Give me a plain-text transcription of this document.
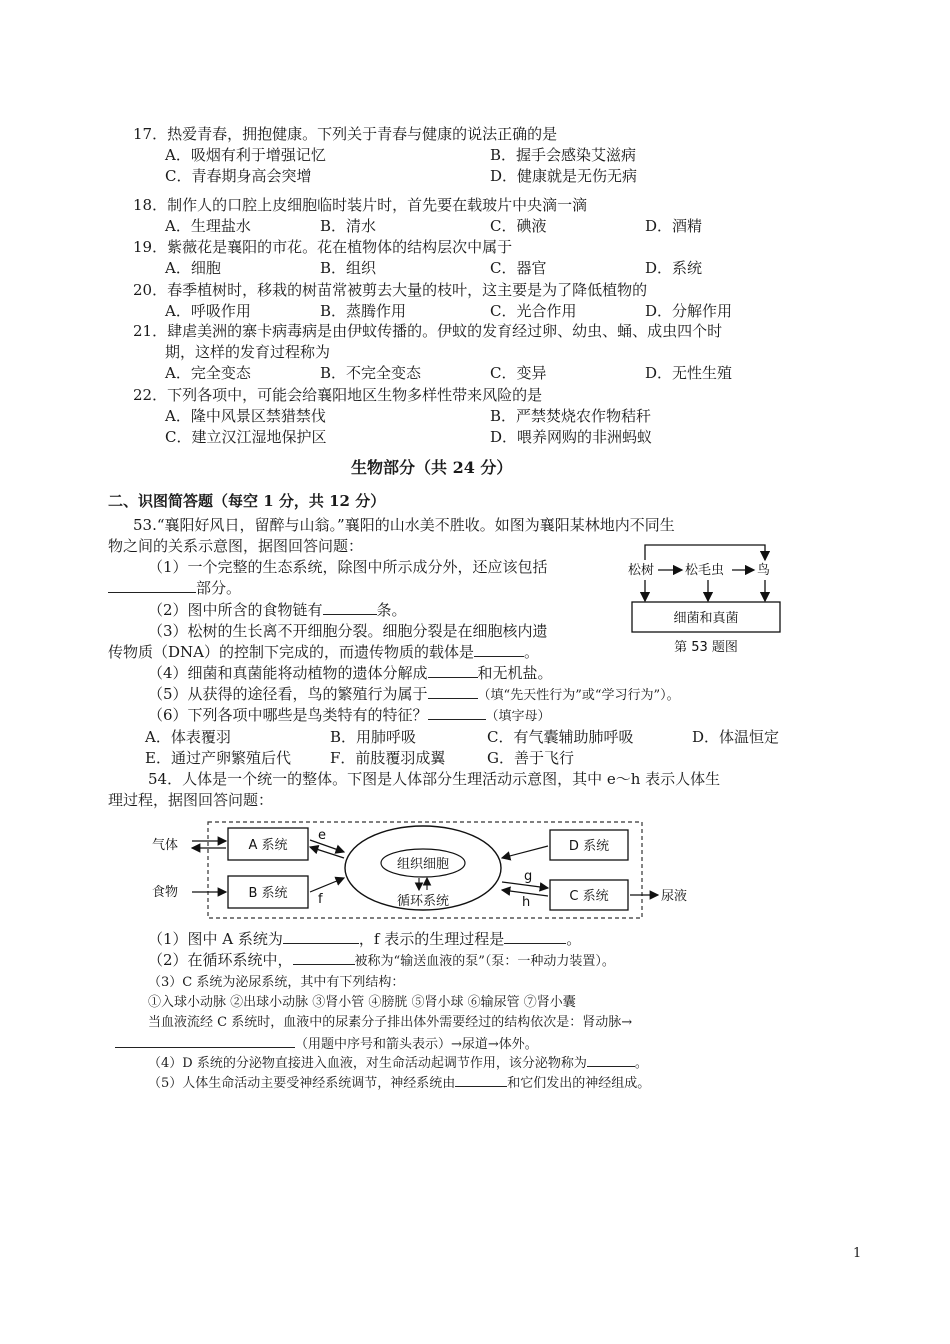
17．热爱青春，拥抱健康。下列关于青春与健康的说法正确的是
A．吸烟有利于增强记忆	B．握手会感染艾滋病
C．青春期身高会突增	D．健康就是无伤无病
18．制作人的口腔上皮细胞临时装片时，首先要在载玻片中央滴一滴
A．生理盐水	B．清水	C．碘液	D．酒精
19．紫薇花是襄阳的市花。花在植物体的结构层次中属于
A．细胞	B．组织	C．器官	D．系统
20．春季植树时，移栽的树苗常被剪去大量的枝叶，这主要是为了降低植物的
A．呼吸作用	B．蒸腾作用	C．光合作用	D．分解作用
21．肆虐美洲的寨卡病毒病是由伊蚊传播的。伊蚊的发育经过卵、幼虫、蛹、成虫四个时
期，这样的发育过程称为
A．完全变态	B．不完全变态	C．变异	D．无性生殖
22．下列各项中，可能会给襄阳地区生物多样性带来风险的是
A．隆中风景区禁猎禁伐	B．严禁焚烧农作物秸秆
C．建立汉江湿地保护区	D．喂养网购的非洲蚂蚁
生物部分（共 24 分）
二、识图简答题（每空 1 分，共 12 分）
53.“襄阳好风日，留醉与山翁。”襄阳的山水美不胜收。如图为襄阳某林地内不同生
物之间的关系示意图，据图回答问题：
（1）一个完整的生态系统，除图中所示成分外，还应该包括
部分。
（2）图中所含的食物链有	条。
（3）松树的生长离不开细胞分裂。细胞分裂是在细胞核内遗
传物质（DNA）的控制下完成的，而遗传物质的载体是	。
（4）细菌和真菌能将动植物的遗体分解成	和无机盐。
（5）从获得的途径看，鸟的繁殖行为属于	（填“先天性行为”或“学习行为”）。
（6）下列各项中哪些是鸟类特有的特征？	（填字母）
A．体表覆羽	B．用肺呼吸	C．有气囊辅助肺呼吸	D．体温恒定
E．通过产卵繁殖后代	F．前肢覆羽成翼	G．善于飞行
松树 松毛虫	鸟
细菌和真菌
第 53 题图
54．人体是一个统一的整体。下图是人体部分生理活动示意图，其中 e～h 表示人体生
理过程，据图回答问题：
气体	A 系统
食物	B 系统
e
f
组织细胞
循环系统
D 系统
C 系统
g
h	尿液
（1）图中 A 系统为	，f 表示的生理过程是	。
（2）在循环系统中，	被称为“输送血液的泵”（泵：一种动力装置）。
（3）C 系统为泌尿系统，其中有下列结构：
①入球小动脉 ②出球小动脉 ③肾小管 ④膀胱 ⑤肾小球 ⑥输尿管 ⑦肾小囊
当血液流经 C 系统时，血液中的尿素分子排出体外需要经过的结构依次是：肾动脉→
（用题中序号和箭头表示）→尿道→体外。
（4）D 系统的分泌物直接进入血液，对生命活动起调节作用，该分泌物称为	。
（5）人体生命活动主要受神经系统调节，神经系统由	和它们发出的神经组成。
1
